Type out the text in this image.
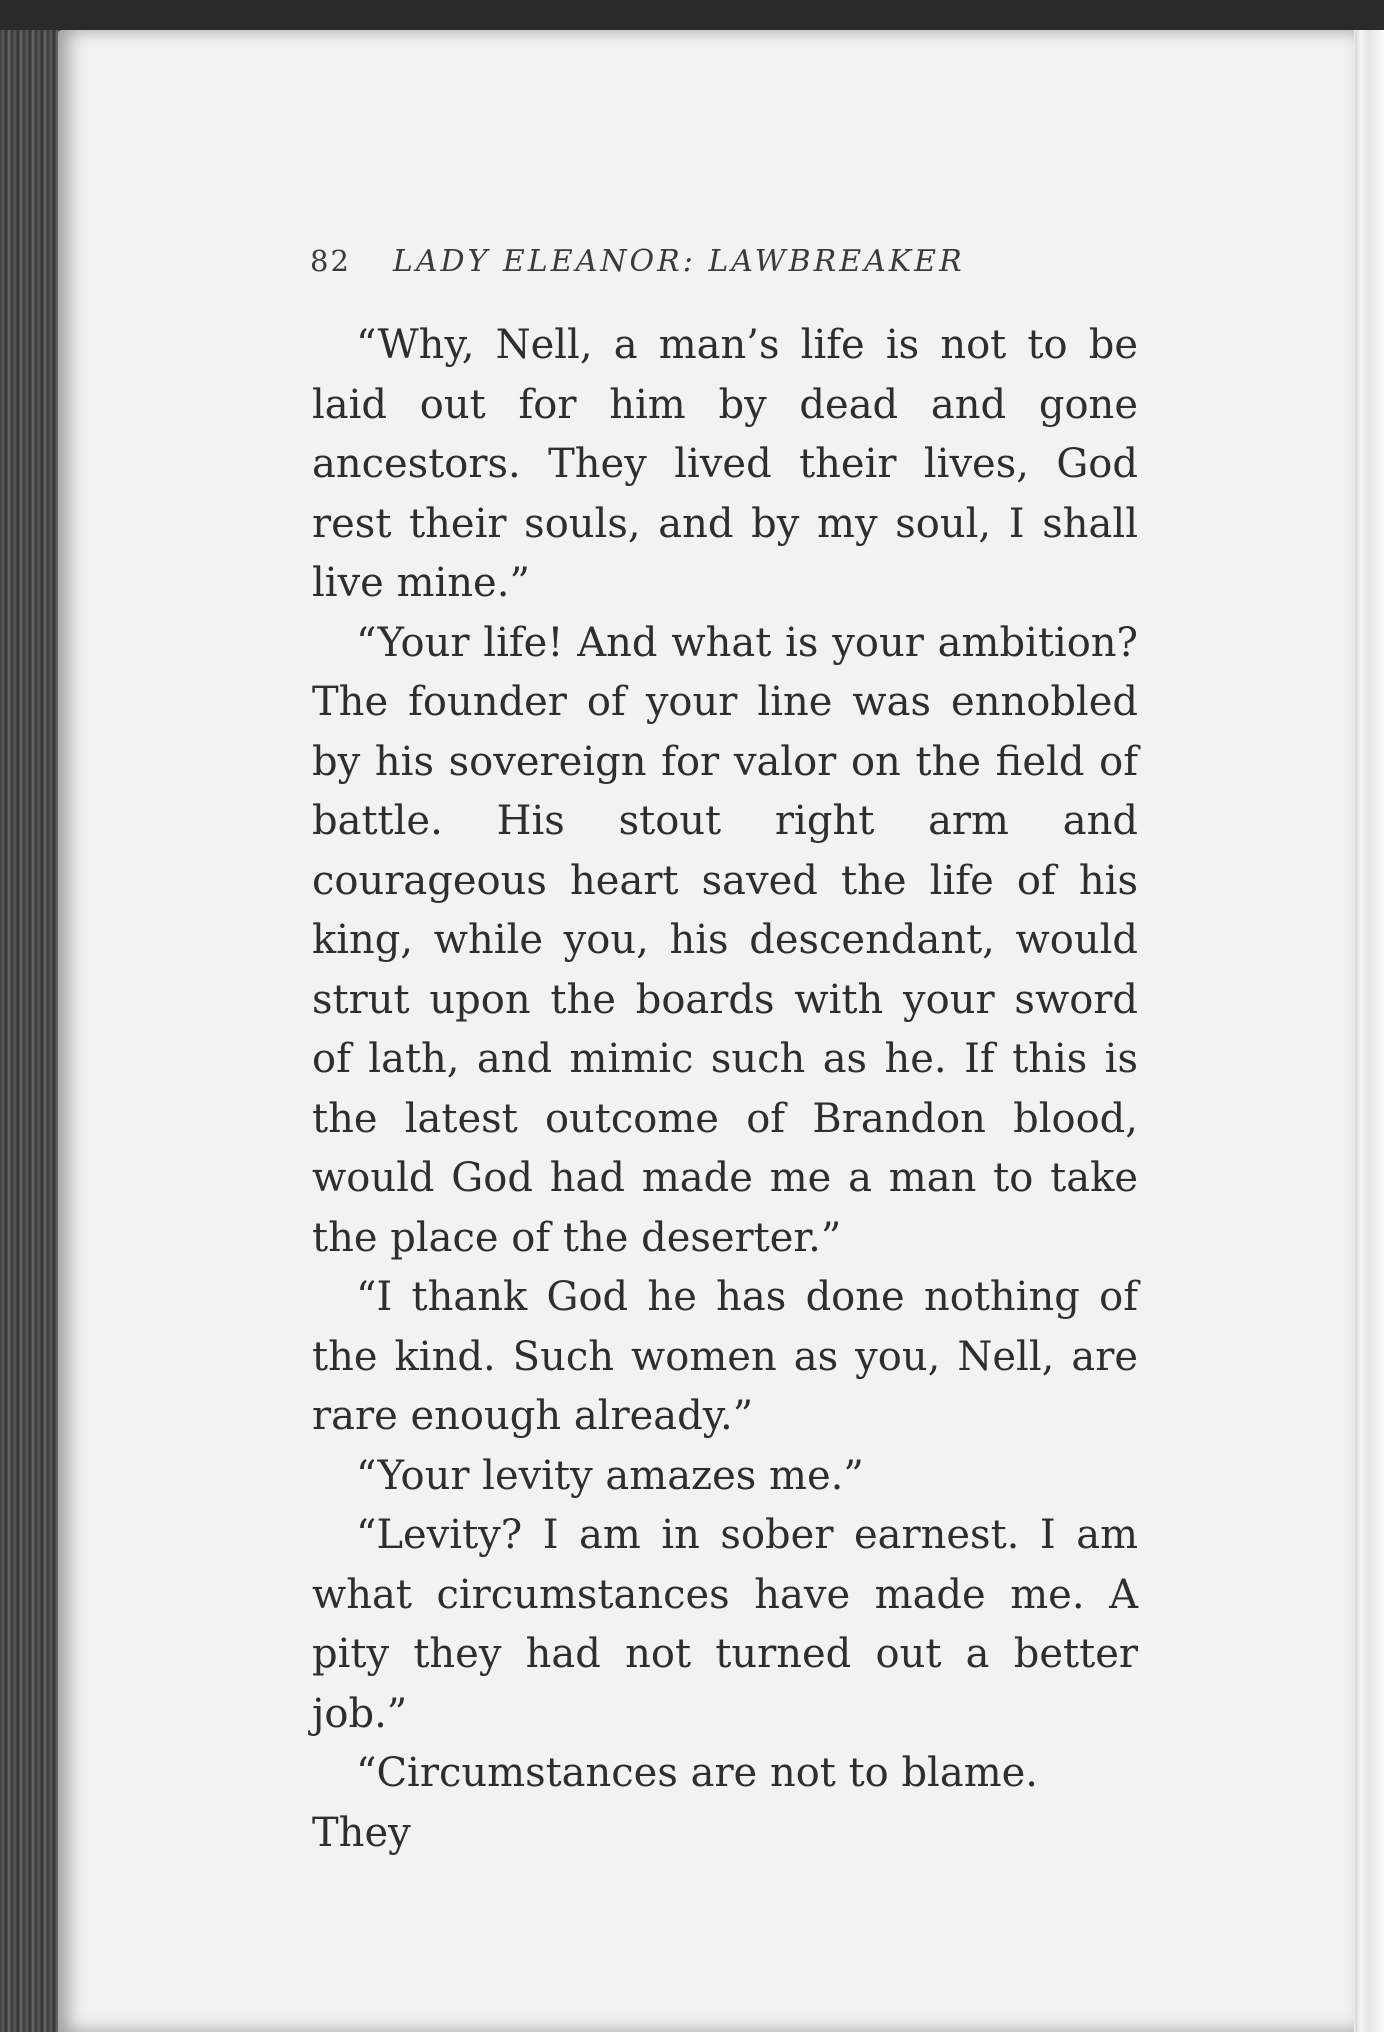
82 LADY ELEANOR: LAWBREAKER

“Why, Nell, a man’s life is not to be laid out for him by dead and gone ancestors. They lived their lives, God rest their souls, and by my soul, I shall live mine.”

“Your life! And what is your ambition? The founder of your line was ennobled by his sovereign for valor on the field of battle. His stout right arm and courageous heart saved the life of his king, while you, his descendant, would strut upon the boards with your sword of lath, and mimic such as he. If this is the latest outcome of Brandon blood, would God had made me a man to take the place of the deserter.”

“I thank God he has done nothing of the kind. Such women as you, Nell, are rare enough already.”

“Your levity amazes me.”

“Levity? I am in sober earnest. I am what circumstances have made me. A pity they had not turned out a better job.”

“Circumstances are not to blame. They
